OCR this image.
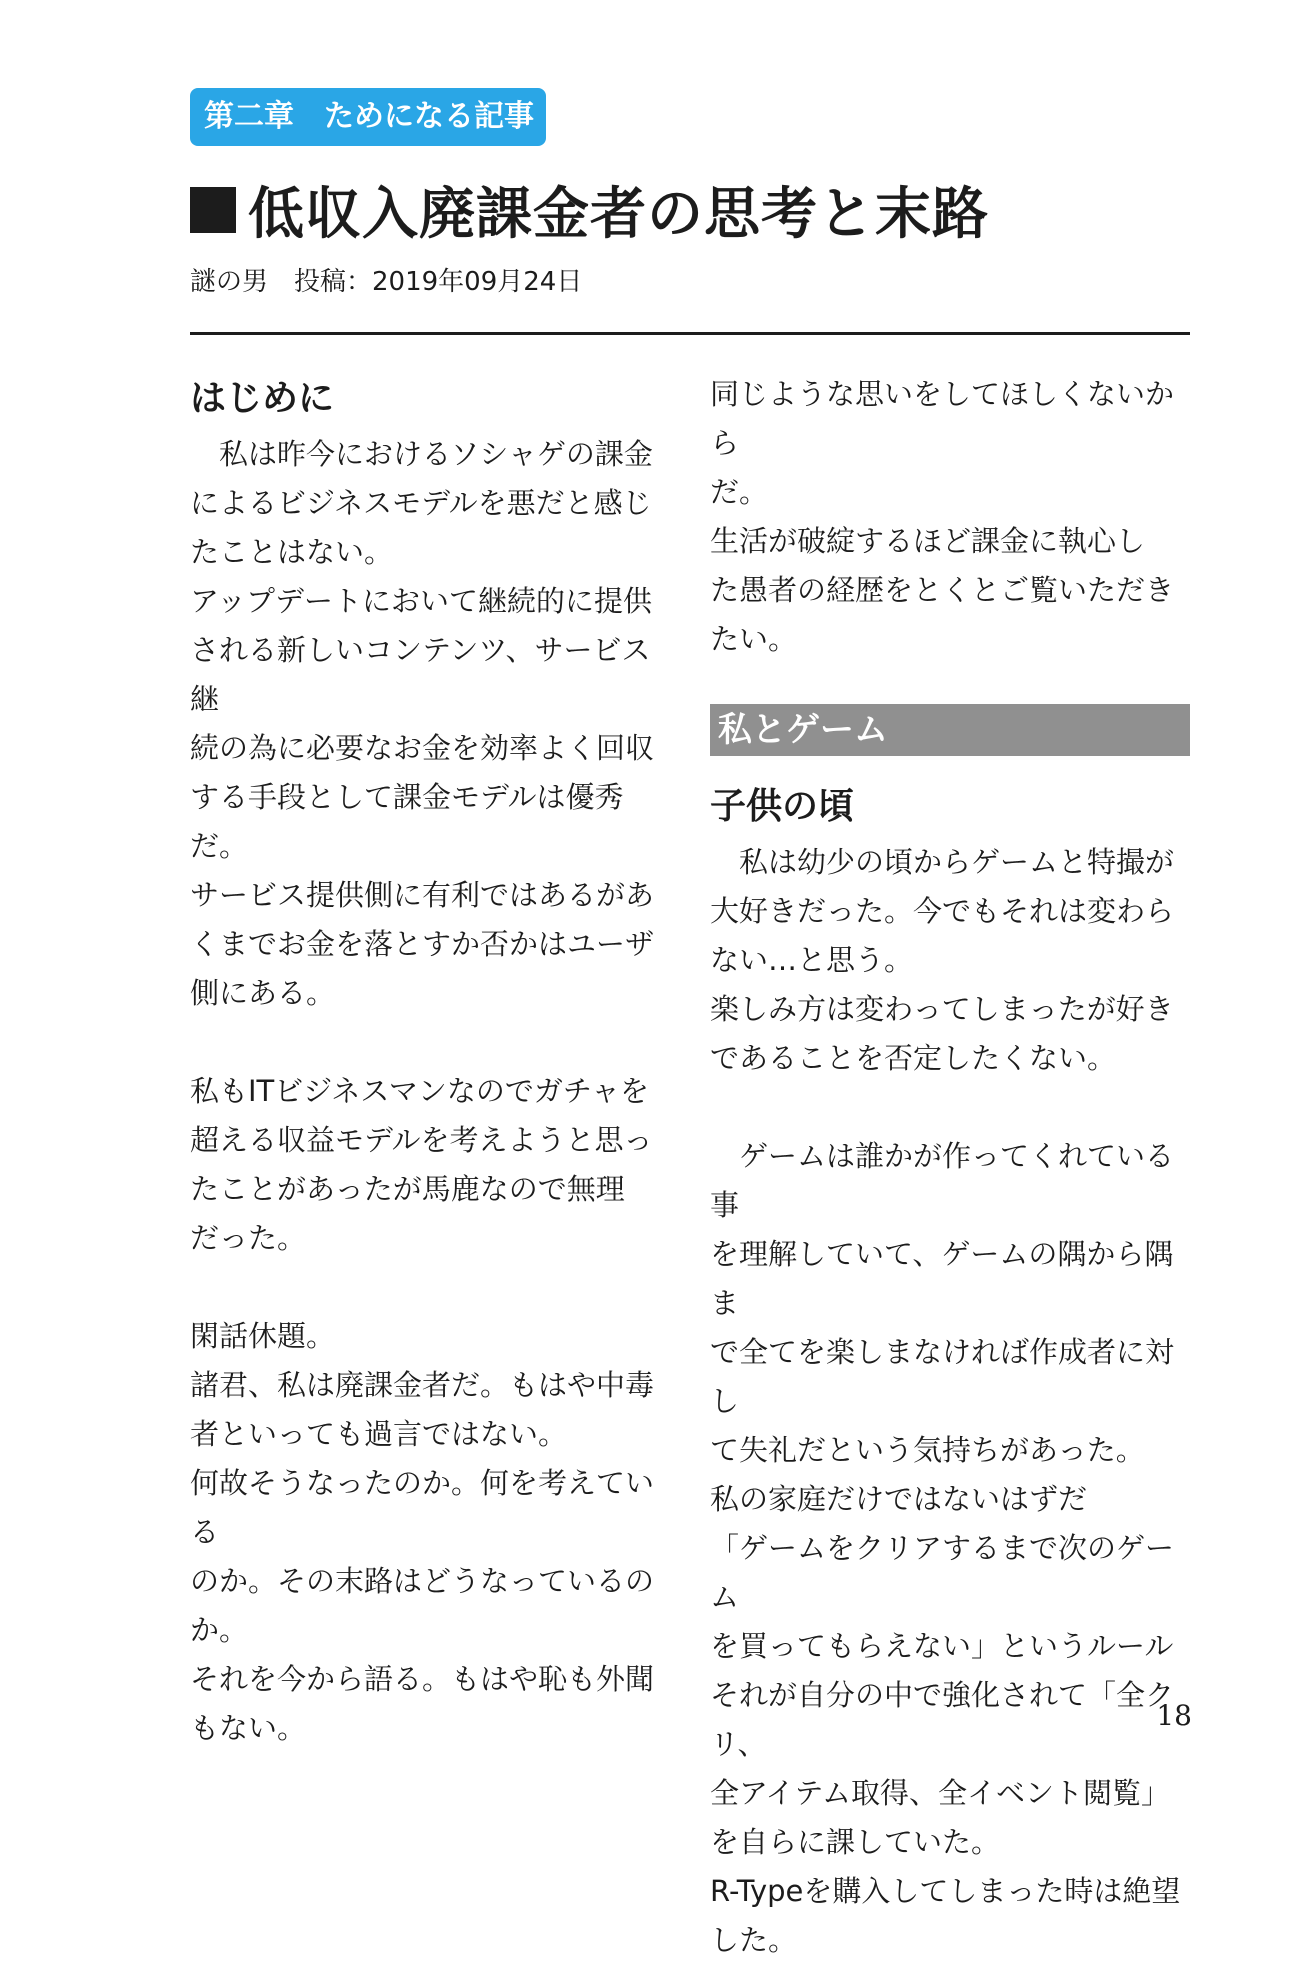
第二章　ためになる記事
低収入廃課金者の思考と末路
謎の男　投稿：2019年09月24日
はじめに

　私は昨今におけるソシャゲの課金
によるビジネスモデルを悪だと感じ
たことはない。
アップデートにおいて継続的に提供
される新しいコンテンツ、サービス継
続の為に必要なお金を効率よく回収
する手段として課金モデルは優秀
だ。
サービス提供側に有利ではあるがあ
くまでお金を落とすか否かはユーザ
側にある。

私もITビジネスマンなのでガチャを
超える収益モデルを考えようと思っ
たことがあったが馬鹿なので無理
だった。

閑話休題。
諸君、私は廃課金者だ。もはや中毒
者といっても過言ではない。
何故そうなったのか。何を考えている
のか。その末路はどうなっているの
か。
それを今から語る。もはや恥も外聞
もない。

同じような思いをしてほしくないから
だ。
生活が破綻するほど課金に執心し
た愚者の経歴をとくとご覧いただき
たい。

私とゲーム
子供の頃

　私は幼少の頃からゲームと特撮が
大好きだった。今でもそれは変わら
ない…と思う。
楽しみ方は変わってしまったが好き
であることを否定したくない。

　ゲームは誰かが作ってくれている事
を理解していて、ゲームの隅から隅ま
で全てを楽しまなければ作成者に対し
て失礼だという気持ちがあった。
私の家庭だけではないはずだ
「ゲームをクリアするまで次のゲーム
を買ってもらえない」というルール
それが自分の中で強化されて「全クリ、
全アイテム取得、全イベント閲覧」
を自らに課していた。
R-Typeを購入してしまった時は絶望
した。

18
